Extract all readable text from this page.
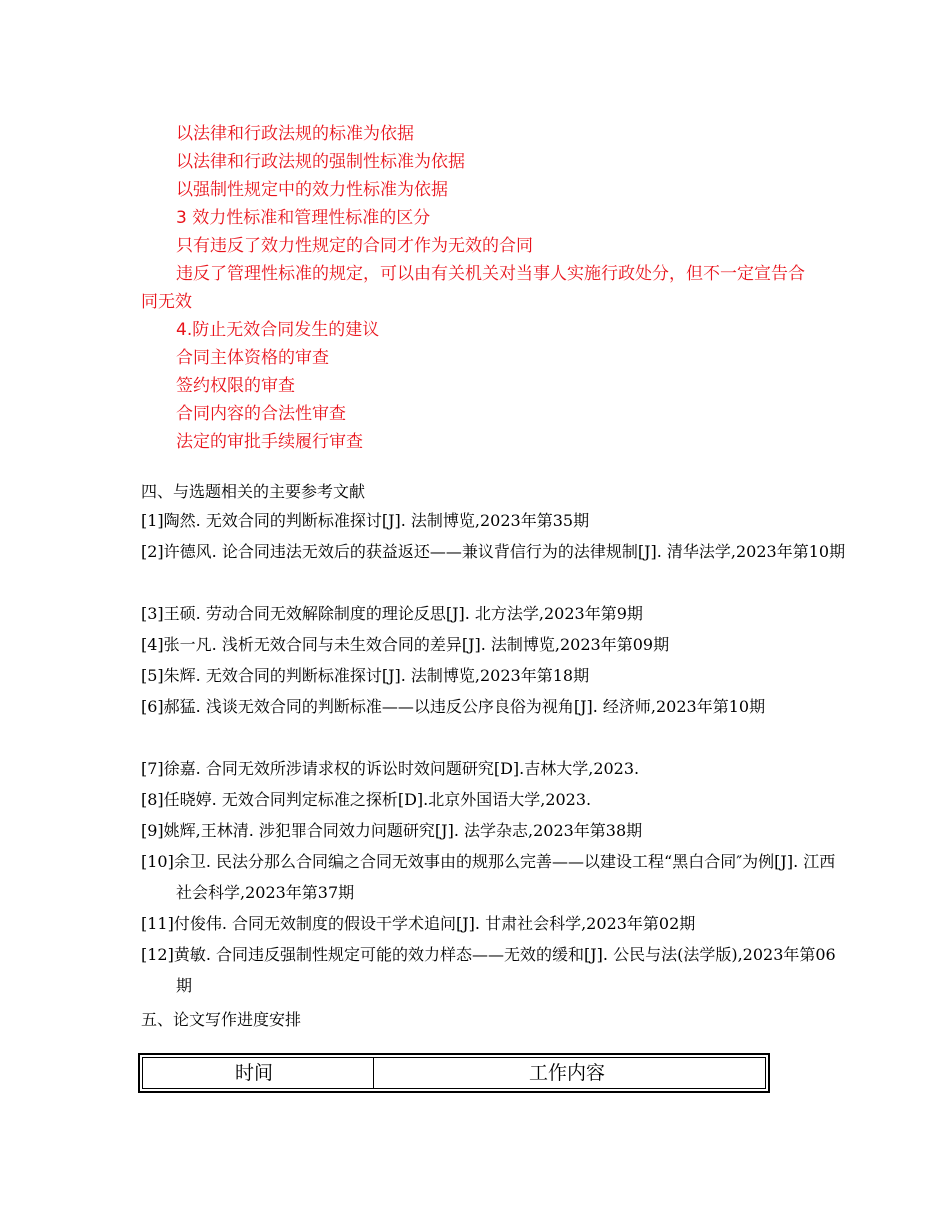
以法律和行政法规的标准为依据
以法律和行政法规的强制性标准为依据
以强制性规定中的效力性标准为依据
3 效力性标准和管理性标准的区分
只有违反了效力性规定的合同才作为无效的合同
违反了管理性标准的规定，可以由有关机关对当事人实施行政处分，但不一定宣告合同无效
4.防止无效合同发生的建议
合同主体资格的审查
签约权限的审查
合同内容的合法性审查
法定的审批手续履行审查
四、与选题相关的主要参考文献
[1]陶然. 无效合同的判断标准探讨[J]. 法制博览,2023年第35期
[2]许德风. 论合同违法无效后的获益返还——兼议背信行为的法律规制[J]. 清华法学,2023年第10期
[3]王硕. 劳动合同无效解除制度的理论反思[J]. 北方法学,2023年第9期
[4]张一凡. 浅析无效合同与未生效合同的差异[J]. 法制博览,2023年第09期
[5]朱辉. 无效合同的判断标准探讨[J]. 法制博览,2023年第18期
[6]郝猛. 浅谈无效合同的判断标准——以违反公序良俗为视角[J]. 经济师,2023年第10期
[7]徐嘉. 合同无效所涉请求权的诉讼时效问题研究[D].吉林大学,2023.
[8]任晓婷. 无效合同判定标准之探析[D].北京外国语大学,2023.
[9]姚辉,王林清. 涉犯罪合同效力问题研究[J]. 法学杂志,2023年第38期
[10]余卫. 民法分那么合同编之合同无效事由的规那么完善——以建设工程“黑白合同″为例[J]. 江西社会科学,2023年第37期
[11]付俊伟. 合同无效制度的假设干学术追问[J]. 甘肃社会科学,2023年第02期
[12]黄敏. 合同违反强制性规定可能的效力样态——无效的缓和[J]. 公民与法(法学版),2023年第06期
五、论文写作进度安排
时间	工作内容
